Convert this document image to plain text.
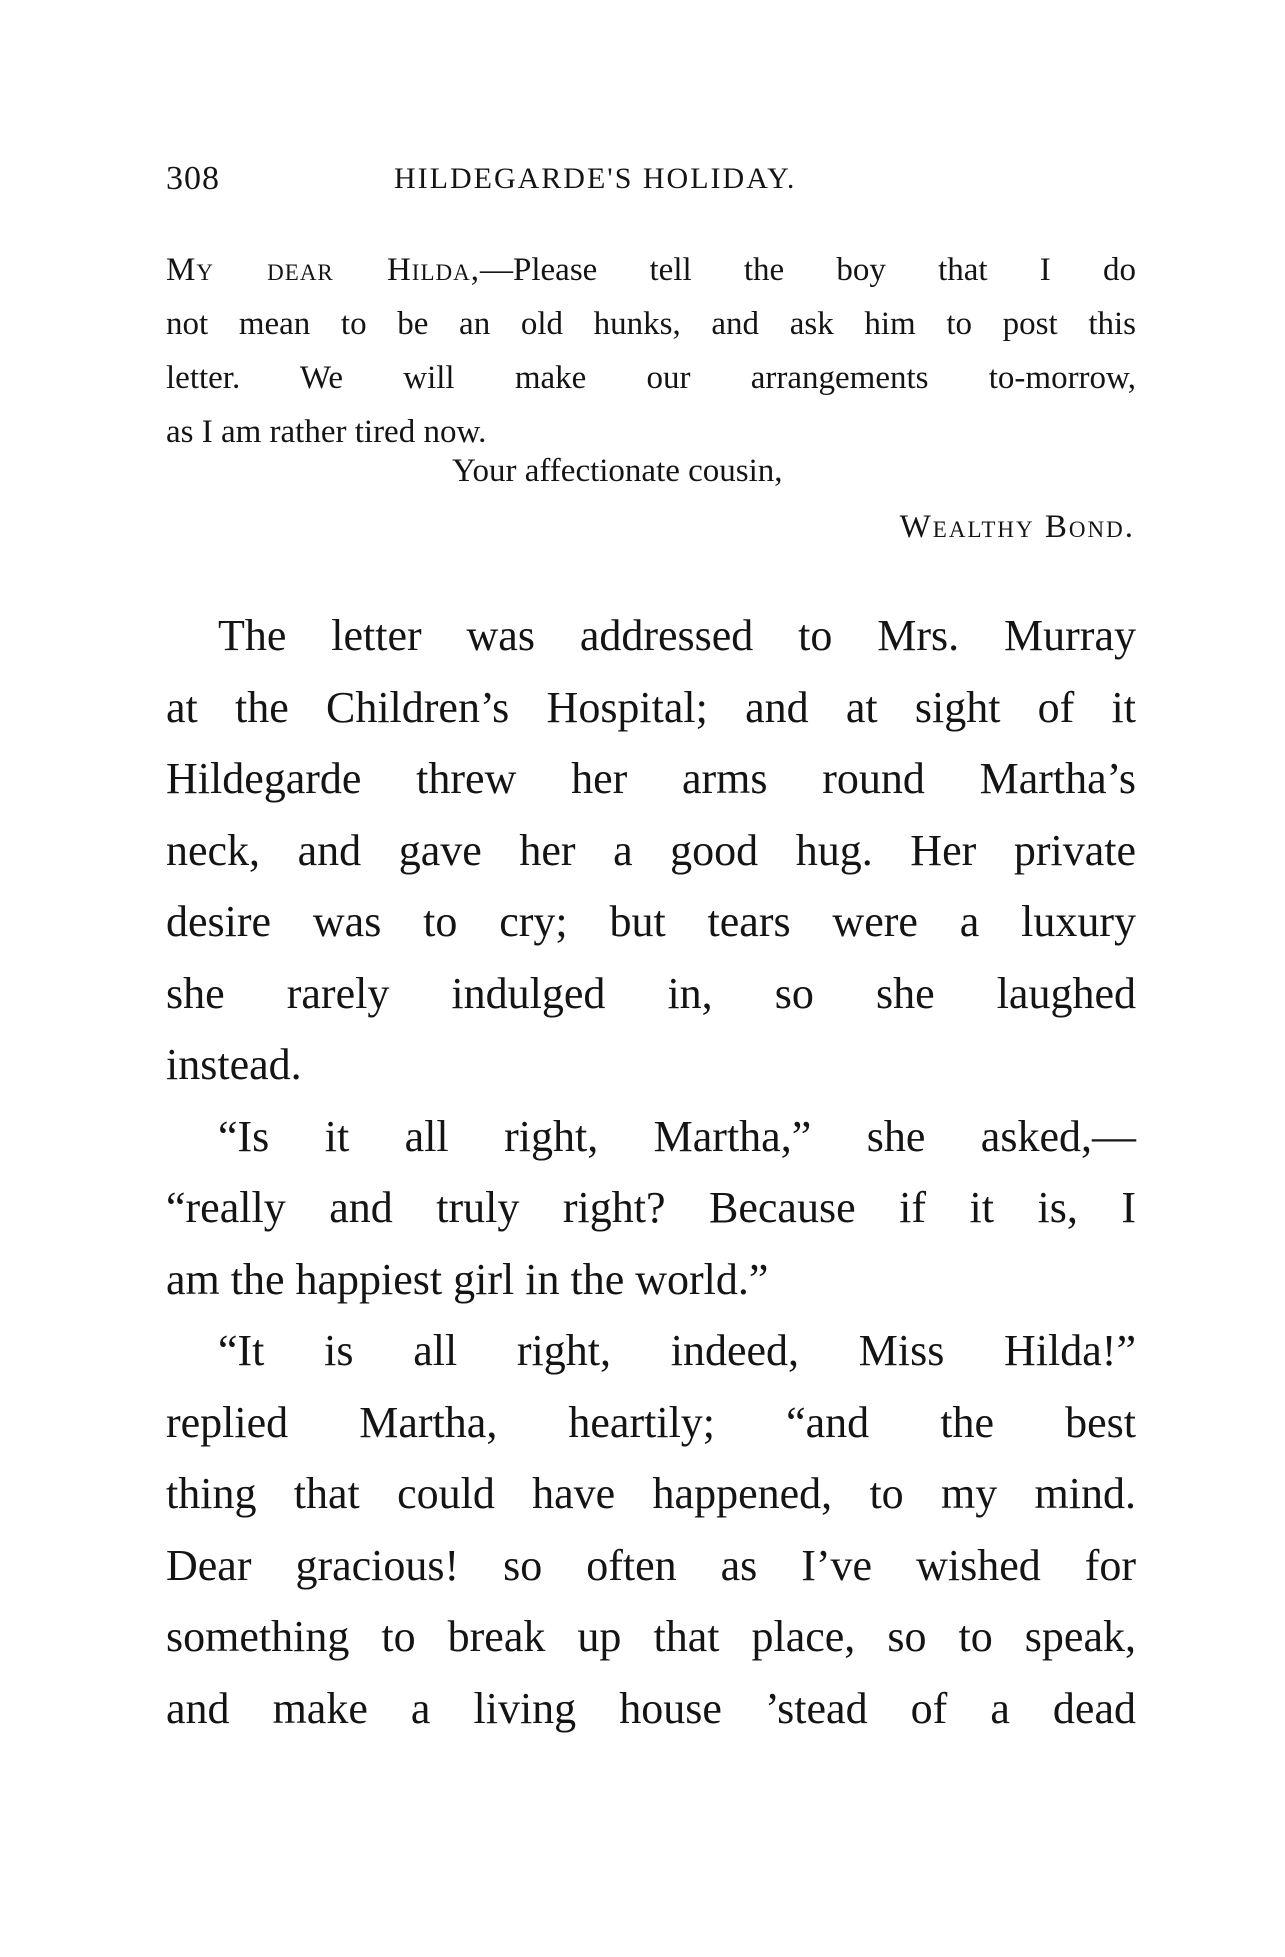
308	HILDEGARDE'S HOLIDAY.
My dear Hilda,—Please tell the boy that I do
not mean to be an old hunks, and ask him to post this
letter. We will make our arrangements to-morrow,
as I am rather tired now.
Your affectionate cousin,
Wealthy Bond.
The letter was addressed to Mrs. Murray
at the Children’s Hospital; and at sight of it
Hildegarde threw her arms round Martha’s
neck, and gave her a good hug. Her private
desire was to cry; but tears were a luxury
she rarely indulged in, so she laughed
instead.
“Is it all right, Martha,” she asked,—
“really and truly right? Because if it is, I
am the happiest girl in the world.”
“It is all right, indeed, Miss Hilda!”
replied Martha, heartily; “and the best
thing that could have happened, to my mind.
Dear gracious! so often as I’ve wished for
something to break up that place, so to speak,
and make a living house ’stead of a dead
